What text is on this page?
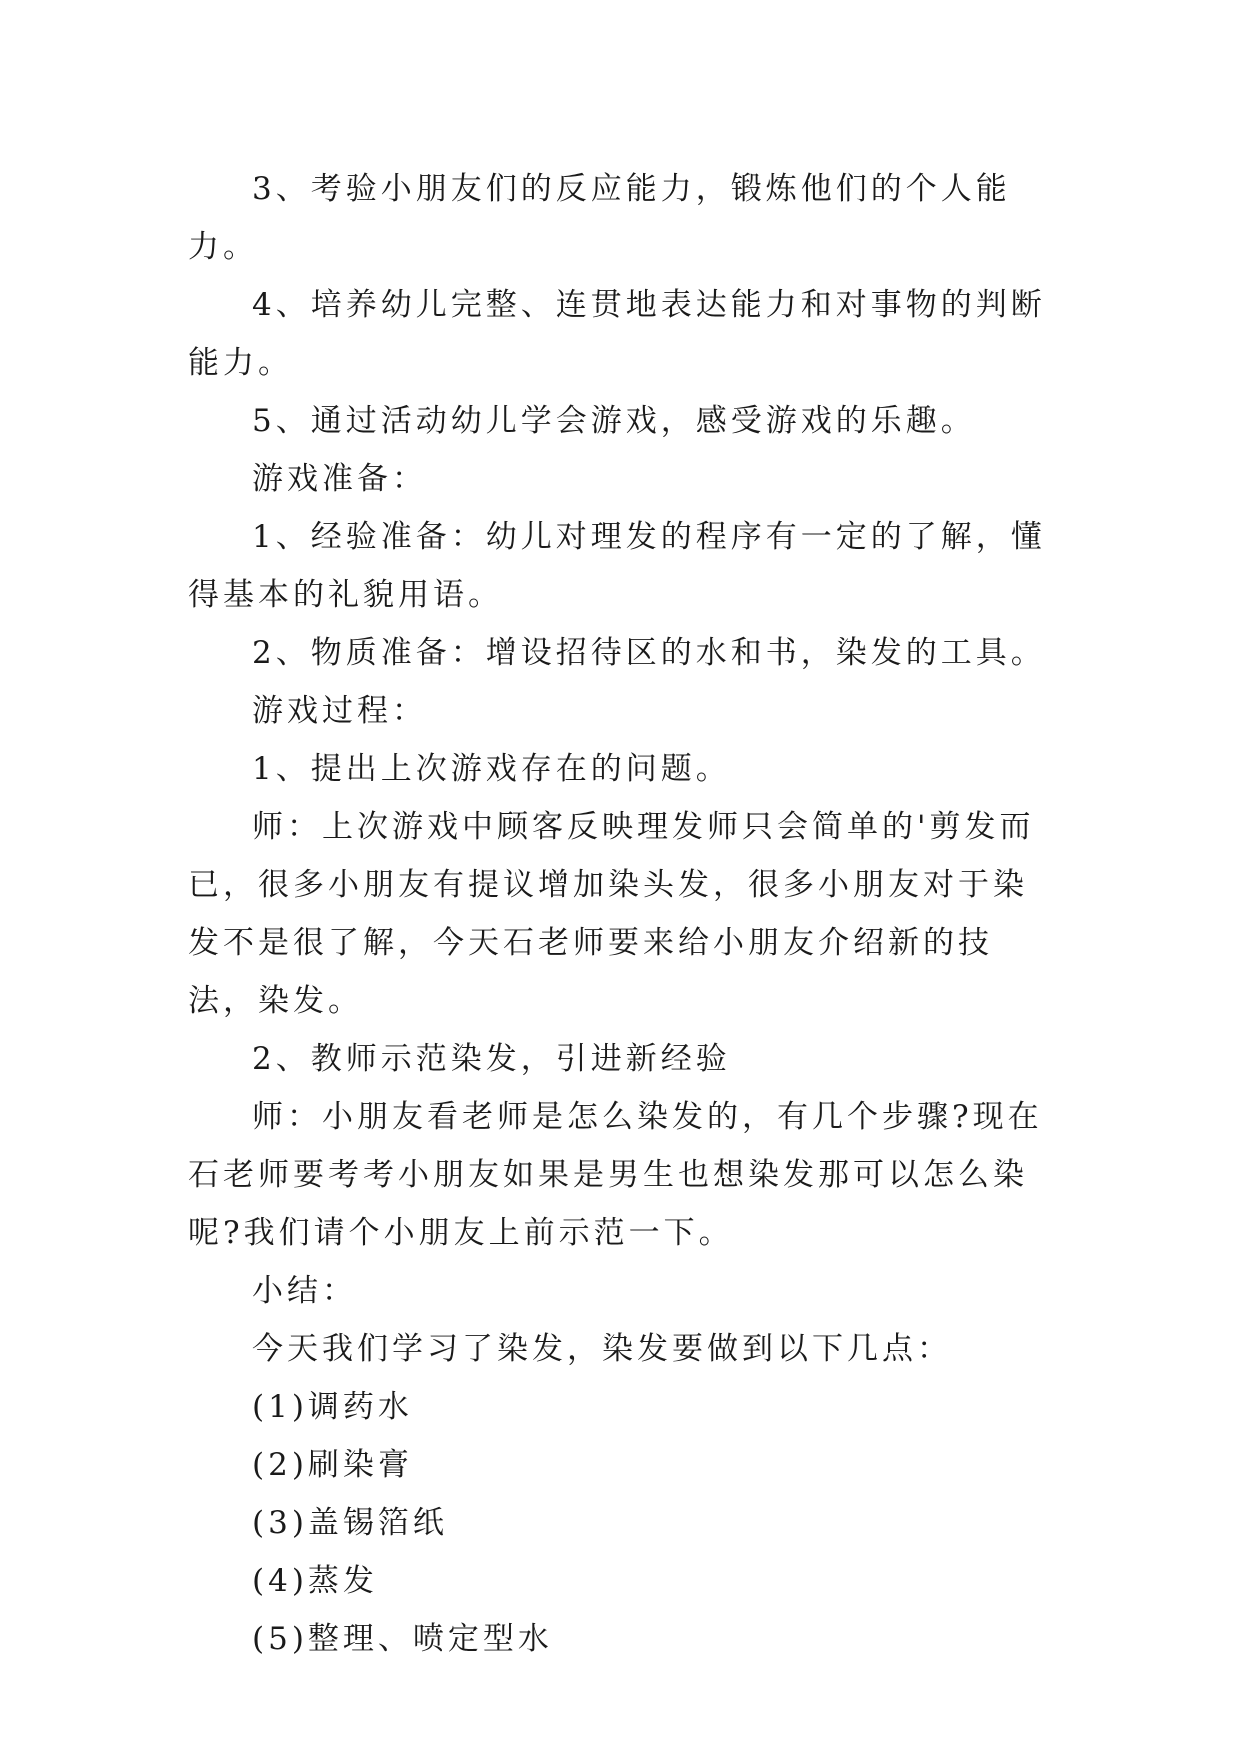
3、考验小朋友们的反应能力，锻炼他们的个人能力。

4、培养幼儿完整、连贯地表达能力和对事物的判断能力。

5、通过活动幼儿学会游戏，感受游戏的乐趣。

游戏准备：

1、经验准备：幼儿对理发的程序有一定的了解，懂得基本的礼貌用语。

2、物质准备：增设招待区的水和书，染发的工具。

游戏过程：

1、提出上次游戏存在的问题。

师：上次游戏中顾客反映理发师只会简单的'剪发而已，很多小朋友有提议增加染头发，很多小朋友对于染发不是很了解，今天石老师要来给小朋友介绍新的技法，染发。

2、教师示范染发，引进新经验

师：小朋友看老师是怎么染发的，有几个步骤?现在石老师要考考小朋友如果是男生也想染发那可以怎么染呢?我们请个小朋友上前示范一下。

小结：

今天我们学习了染发，染发要做到以下几点：

(1)调药水

(2)刷染膏

(3)盖锡箔纸

(4)蒸发

(5)整理、喷定型水
